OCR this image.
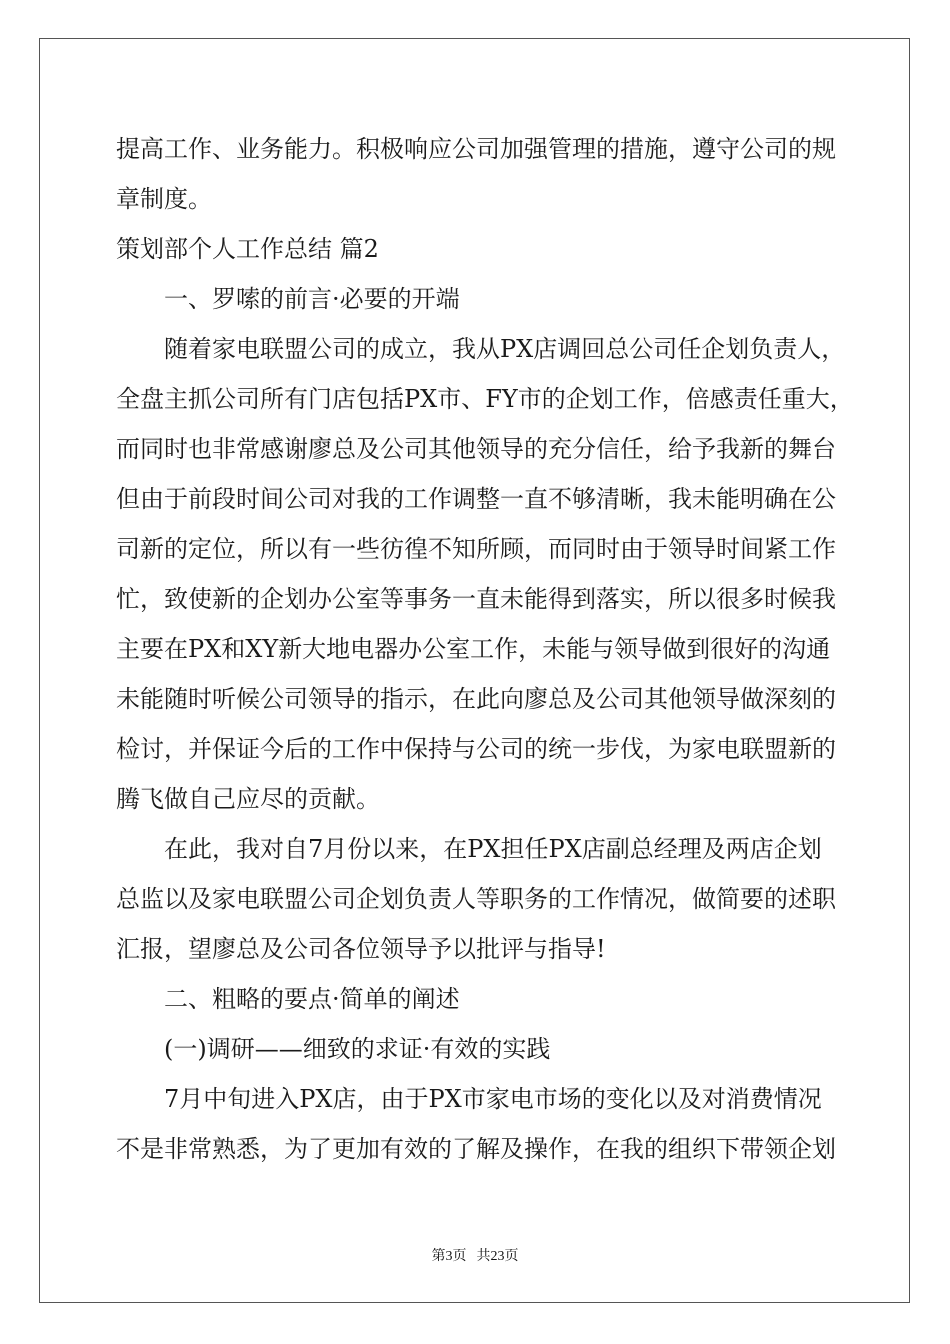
提高工作、业务能力。积极响应公司加强管理的措施，遵守公司的规
章制度。
策划部个人工作总结 篇2
一、罗嗦的前言·必要的开端
随着家电联盟公司的成立，我从PX店调回总公司任企划负责人，
全盘主抓公司所有门店包括PX市、FY市的企划工作，倍感责任重大，
而同时也非常感谢廖总及公司其他领导的充分信任，给予我新的舞台
但由于前段时间公司对我的工作调整一直不够清晰，我未能明确在公
司新的定位，所以有一些彷徨不知所顾，而同时由于领导时间紧工作
忙，致使新的企划办公室等事务一直未能得到落实，所以很多时候我
主要在PX和XY新大地电器办公室工作，未能与领导做到很好的沟通
未能随时听候公司领导的指示，在此向廖总及公司其他领导做深刻的
检讨，并保证今后的工作中保持与公司的统一步伐，为家电联盟新的
腾飞做自己应尽的贡献。
在此，我对自7月份以来，在PX担任PX店副总经理及两店企划
总监以及家电联盟公司企划负责人等职务的工作情况，做简要的述职
汇报，望廖总及公司各位领导予以批评与指导!
二、粗略的要点·简单的阐述
(一)调研——细致的求证·有效的实践
7月中旬进入PX店，由于PX市家电市场的变化以及对消费情况
不是非常熟悉，为了更加有效的了解及操作，在我的组织下带领企划
第3页 共23页
